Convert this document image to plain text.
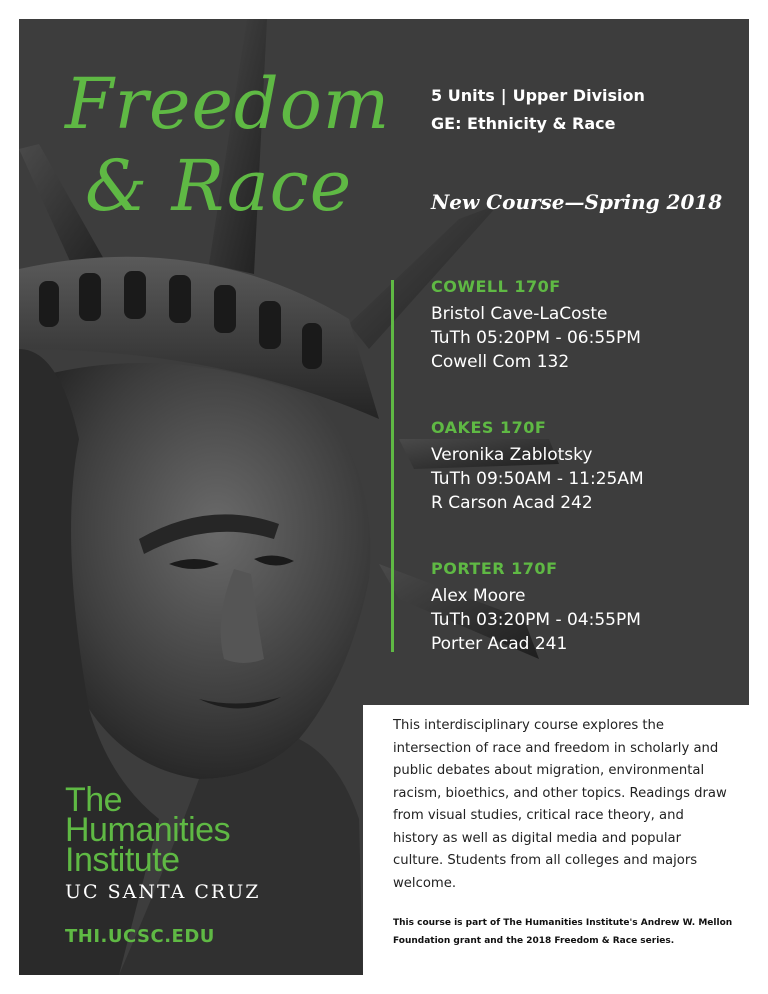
Freedom
& Race
5 Units | Upper Division
GE: Ethnicity & Race
New Course—Spring 2018
COWELL 170F
Bristol Cave-LaCoste
TuTh 05:20PM - 06:55PM
Cowell Com 132
OAKES 170F
Veronika Zablotsky
TuTh 09:50AM - 11:25AM
R Carson Acad 242
PORTER 170F
Alex Moore
TuTh 03:20PM - 04:55PM
Porter Acad 241

This interdisciplinary course explores the intersection of race and freedom in scholarly and public debates about migration, environmental racism, bioethics, and other topics. Readings draw from visual studies, critical race theory, and history as well as digital media and popular culture. Students from all colleges and majors welcome.

This course is part of The Humanities Institute's Andrew W. Mellon Foundation grant and the 2018 Freedom & Race series.

The
Humanities
Institute
UC SANTA CRUZ
THI.UCSC.EDU
